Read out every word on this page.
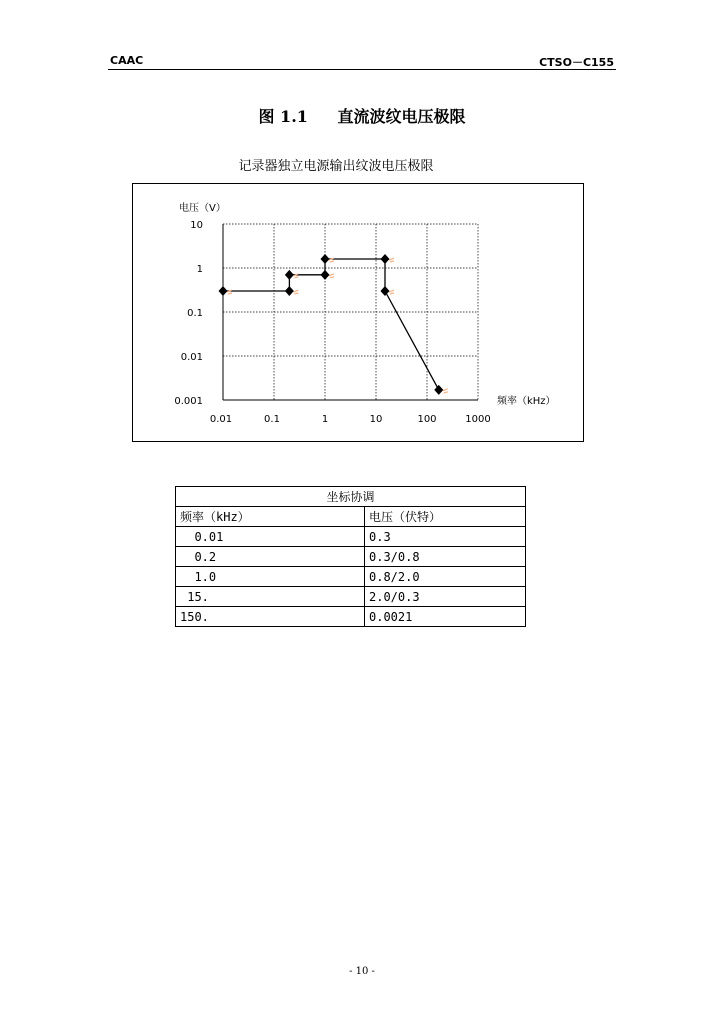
CAAC	CTSO－C155
图 1.1 直流波纹电压极限
记录器独立电源输出纹波电压极限
0.001
0.01
0.1
1
10
0.01	0.1	1	10	100	1000
电压（V）
频率（kHz）
坐标协调	
频率（kHz）	电压（伏特）
0.01	0.3
0.2	0.3/0.8
1.0	0.8/2.0
15.	2.0/0.3
150.	0.0021
- 10 -
